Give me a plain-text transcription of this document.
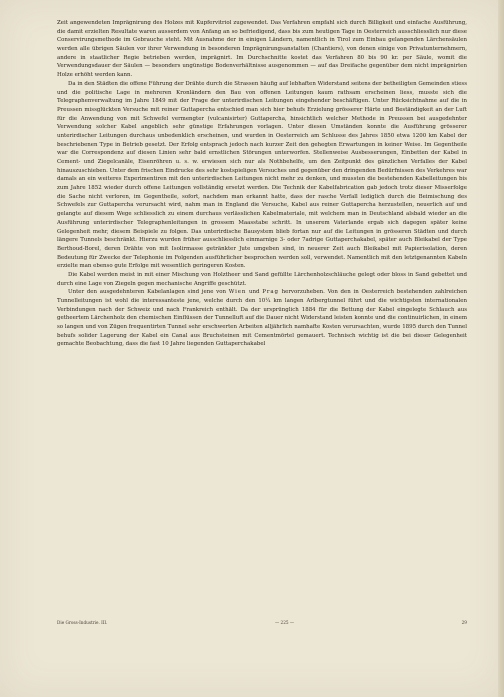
Zeit angewendeten Imprägnirung des Holzes mit Kupfervitriol zugewendet. Das Verfahren empfahl sich durch Billigkeit und einfache Ausführung, die damit erzielten Resultate waren ausserdem von Anfang an so befriedigend, dass bis zum heutigen Tage in Oesterreich ausschliesslich nur diese Conservirungsmethode im Gebrauche steht. Mit Ausnahme der in einigen Ländern, namentlich in Tirol zum Einbau gelangenden Lärchensäulen werden alle übrigen Säulen vor ihrer Verwendung in besonderen Imprägnirungsanstalten (Chantiers), von denen einige von Privatunternehmern, andere in staatlicher Regie betrieben werden, imprägnirt. Im Durchschnitte kostet das Verfahren 80 bis 90 kr. per Säule, womit die Verwendungsdauer der Säulen — besonders ungünstige Bodenverhältnisse ausgenommen — auf das Dreifache gegenüber dem nicht imprägnirten Holze erhöht werden kann.

Da in den Städten die offene Führung der Drähte durch die Strassen häufig auf lebhaften Widerstand seitens der betheiligten Gemeinden stiess und die politische Lage in mehreren Kronländern den Bau von offenen Leitungen kaum rathsam erscheinen liess, musste sich die Telegraphenverwaltung im Jahre 1849 mit der Frage der unterirdischen Leitungen eingehender beschäftigen. Unter Rücksichtnahme auf die in Preussen missglückten Versuche mit reiner Guttapercha entschied man sich hier behufs Erzielung grösserer Härte und Beständigkeit an der Luft für die Anwendung von mit Schwefel vermengter (vulcanisirter) Guttapercha, hinsichtlich welcher Methode in Preussen bei ausgedehnter Verwendung solcher Kabel angeblich sehr günstige Erfahrungen vorlagen. Unter diesen Umständen konnte die Ausführung grösserer unterirdischer Leitungen durchaus unbedenklich erscheinen, und wurden in Oesterreich am Schlusse des Jahres 1850 etwa 1200 km Kabel der beschriebenen Type in Betrieb gesetzt. Der Erfolg entsprach jedoch nach kurzer Zeit den gehegten Erwartungen in keiner Weise. Im Gegentheile war die Correspondenz auf diesen Linien sehr bald ernstlichen Störungen unterworfen. Stellenweise Ausbesserungen, Einbetten der Kabel in Cement- und Ziegelcanäle, Eisenröhren u. s. w. erwiesen sich nur als Nothbehelfe, um den Zeitpunkt des gänzlichen Verfalles der Kabel hinauszuschieben. Unter dem frischen Eindrucke des sehr kostspieligen Versuches und gegenüber den dringenden Bedürfnissen des Verkehres war damals an ein weiteres Experimentiren mit den unterirdischen Leitungen nicht mehr zu denken, und mussten die bestehenden Kabelleitungen bis zum Jahre 1852 wieder durch offene Leitungen vollständig ersetzt werden. Die Technik der Kabelfabrication gab jedoch trotz dieser Misserfolge die Sache nicht verloren, im Gegentheile, sofort, nachdem man erkannt hatte, dass der rasche Verfall lediglich durch die Beimischung des Schwefels zur Guttapercha verursacht wird, nahm man in England die Versuche, Kabel aus reiner Guttapercha herzustellen, neuerlich auf und gelangte auf diesem Wege schliesslich zu einem durchaus verlässlichen Kabelmateriale, mit welchem man in Deutschland alsbald wieder an die Ausführung unterirdischer Telegraphenleitungen in grossem Maasstabe schritt. In unserem Vaterlande ergab sich dagegen später keine Gelegenheit mehr, diesem Beispiele zu folgen. Das unterirdische Bausystem blieb fortan nur auf die Leitungen in grösseren Städten und durch längere Tunnels beschränkt. Hierzu wurden früher ausschliesslich einmarnige 3- oder 7adrige Guttaperchakabel, später auch Bleikabel der Type Berthoud-Borel, deren Drähte von mit Isolirmasse getränkter Jute umgeben sind, in neuerer Zeit auch Bleikabel mit Papierisolation, deren Bedeutung für Zwecke der Telephonie im Folgenden ausführlicher besprochen werden soll, verwendet. Namentlich mit den letztgenannten Kabeln erzielte man ebenso gute Erfolge mit wesentlich geringeren Kosten.

Die Kabel werden meist in mit einer Mischung von Holztheer und Sand gefüllte Lärchenholzschläuche gelegt oder bloss in Sand gebettet und durch eine Lage von Ziegeln gegen mechanische Angriffe geschützt.

Unter den ausgedehnteren Kabelanlagen sind jene von Wien und Prag hervorzuheben. Von den in Oesterreich bestehenden zahlreichen Tunnelleitungen ist wohl die interessanteste jene, welche durch den 10¼ km langen Arlbergtunnel führt und die wichtigsten internationalen Verbindungen nach der Schweiz und nach Frankreich enthält. Da der ursprünglich 1884 für die Bettung der Kabel eingelegte Schlauch aus getheertem Lärchenholz den chemischen Einflüssen der Tunnelluft auf die Dauer nicht Widerstand leisten konnte und die continuirlichen, in einem so langen und von Zügen frequentirten Tunnel sehr erschwerten Arbeiten alljährlich namhafte Kosten verursachten, wurde 1895 durch den Tunnel behufs solider Lagerung der Kabel ein Canal aus Bruchsteinen mit Cementmörtel gemauert. Technisch wichtig ist die bei dieser Gelegenheit gemachte Beobachtung, dass die fast 10 Jahre liegenden Guttaperchakabel

Die Gross-Industrie. III.	— 225 —	29
